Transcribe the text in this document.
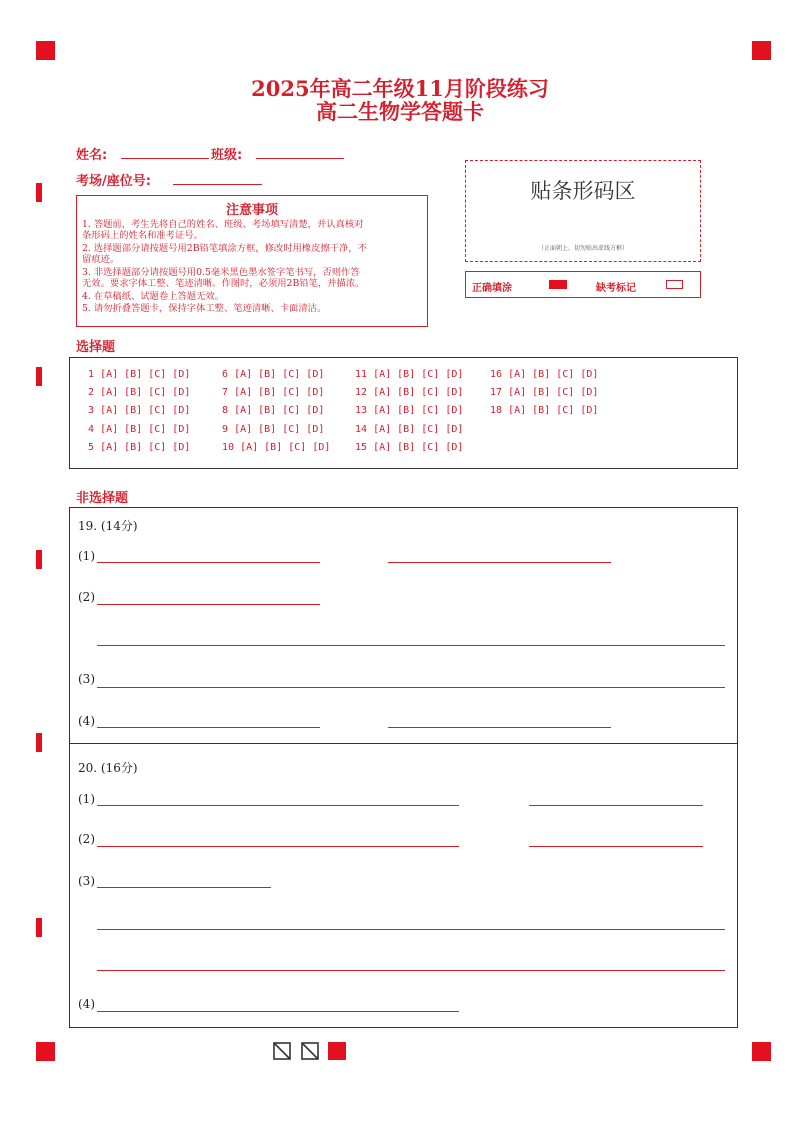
2025年高二年级11月阶段练习
高二生物学答题卡
姓名:	班级:
考场/座位号:
注意事项
1. 答题前，考生先将自己的姓名、班级、考场填写清楚，并认真核对
条形码上的姓名和准考证号。
2. 选择题部分请按题号用2B铅笔填涂方框，修改时用橡皮擦干净，不
留痕迹。
3. 非选择题部分请按题号用0.5毫米黑色墨水签字笔书写，否则作答
无效。要求字体工整、笔迹清晰。作图时，必须用2B铅笔，并描浓。
4. 在草稿纸、试题卷上答题无效。
5. 请勿折叠答题卡，保持字体工整、笔迹清晰、卡面清洁。
贴条形码区
（正面朝上，切勿贴出虚线方框）
正确填涂	缺考标记
选择题
1 [A] [B] [C] [D]
2 [A] [B] [C] [D]
3 [A] [B] [C] [D]
4 [A] [B] [C] [D]
5 [A] [B] [C] [D]
6 [A] [B] [C] [D]
7 [A] [B] [C] [D]
8 [A] [B] [C] [D]
9 [A] [B] [C] [D]
10 [A] [B] [C] [D]
11 [A] [B] [C] [D]
12 [A] [B] [C] [D]
13 [A] [B] [C] [D]
14 [A] [B] [C] [D]
15 [A] [B] [C] [D]
16 [A] [B] [C] [D]
17 [A] [B] [C] [D]
18 [A] [B] [C] [D]
非选择题
19. (14分)
(1)
(2)
(3)
(4)
20. (16分)
(1)
(2)
(3)
(4)
